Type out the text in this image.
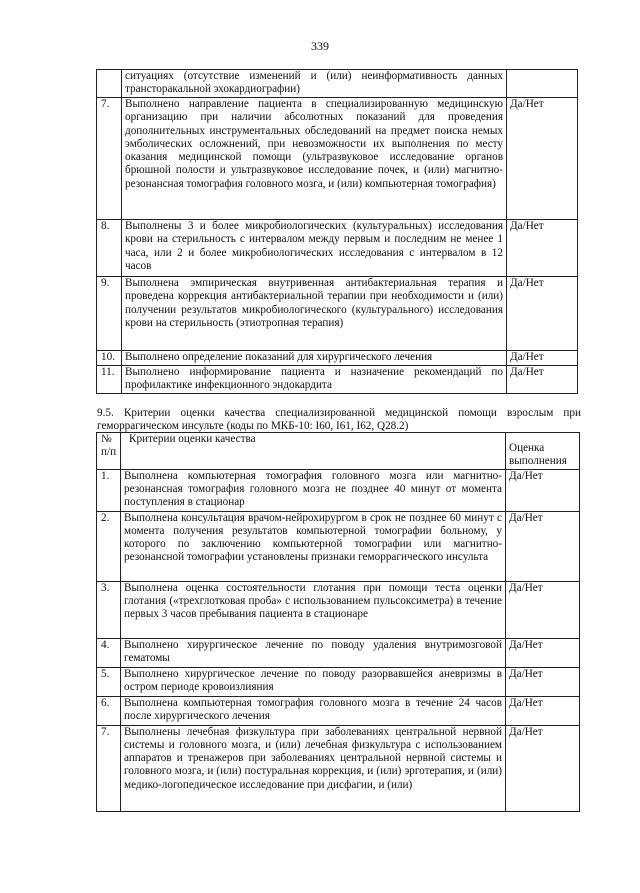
339
	ситуациях (отсутствие изменений и (или) неинформативность данных трансторакальной эхокардиографии)	
7.	Выполнено направление пациента в специализированную медицинскую организацию при наличии абсолютных показаний для проведения дополнительных инструментальных обследований на предмет поиска немых эмболических осложнений, при невозможности их выполнения по месту оказания медицинской помощи (ультразвуковое исследование органов брюшной полости и ультразвуковое исследование почек, и (или) магнитно-резонансная томография головного мозга, и (или) компьютерная томография)	Да/Нет
8.	Выполнены 3 и более микробиологических (культуральных) исследования крови на стерильность с интервалом между первым и последним не менее 1 часа, или 2 и более микробиологических исследования с интервалом в 12 часов	Да/Нет
9.	Выполнена эмпирическая внутривенная антибактериальная терапия и проведена коррекция антибактериальной терапии при необходимости и (или) получении результатов микробиологического (культурального) исследования крови на стерильность (этиотропная терапия)	Да/Нет
10.	Выполнено определение показаний для хирургического лечения	Да/Нет
11.	Выполнено информирование пациента и назначение рекомендаций по профилактике инфекционного эндокардита	Да/Нет
9.5. Критерии оценки качества специализированной медицинской помощи взрослым при геморрагическом инсульте (коды по МКБ-10: I60, I61, I62, Q28.2)
№ п/п	Критерии оценки качества	Оценка выполнения
1.	Выполнена компьютерная томография головного мозга или магнитно-резонансная томография головного мозга не позднее 40 минут от момента поступления в стационар	Да/Нет
2.	Выполнена консультация врачом-нейрохирургом в срок не позднее 60 минут с момента получения результатов компьютерной томографии больному, у которого по заключению компьютерной томографии или магнитно-резонансной томографии установлены признаки геморрагического инсульта	Да/Нет
3.	Выполнена оценка состоятельности глотания при помощи теста оценки глотания («трехглотковая проба» с использованием пульсоксиметра) в течение первых 3 часов пребывания пациента в стационаре	Да/Нет
4.	Выполнено хирургическое лечение по поводу удаления внутримозговой гематомы	Да/Нет
5.	Выполнено хирургическое лечение по поводу разорвавшейся аневризмы в остром периоде кровоизлияния	Да/Нет
6.	Выполнена компьютерная томография головного мозга в течение 24 часов после хирургического лечения	Да/Нет
7.	Выполнены лечебная физкультура при заболеваниях центральной нервной системы и головного мозга, и (или) лечебная физкультура с использованием аппаратов и тренажеров при заболеваниях центральной нервной системы и головного мозга, и (или) постуральная коррекция, и (или) эрготерапия, и (или) медико-логопедическое исследование при дисфагии, и (или)	Да/Нет
